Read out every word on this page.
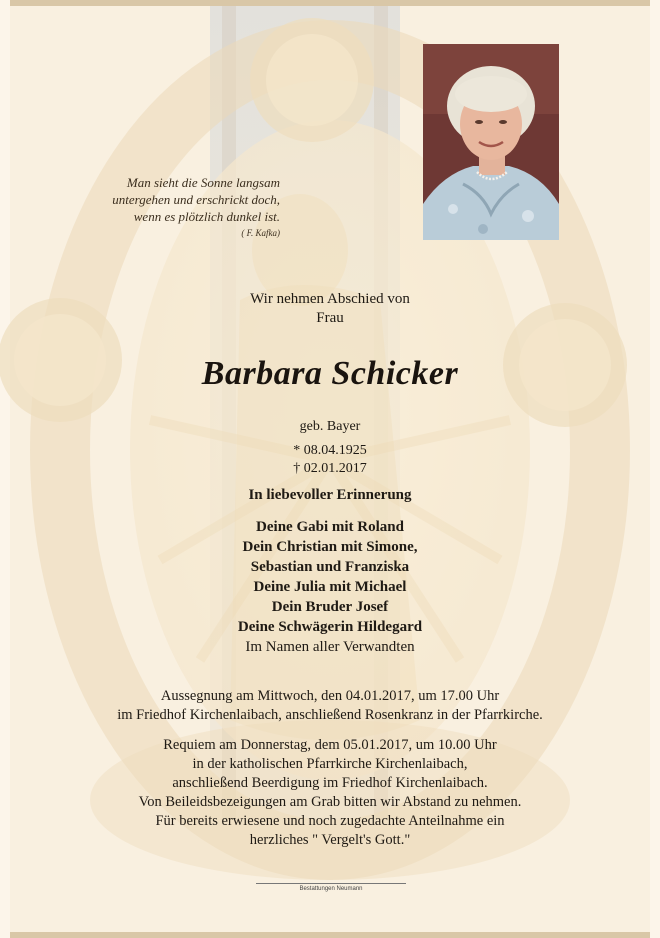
Man sieht die Sonne langsam
untergehen und erschrickt doch,
wenn es plötzlich dunkel ist.
( F. Kafka)
Wir nehmen Abschied von
Frau
Barbara Schicker
geb. Bayer
* 08.04.1925
† 02.01.2017
In liebevoller Erinnerung
Deine Gabi mit Roland
Dein Christian mit Simone,
Sebastian und Franziska
Deine Julia mit Michael
Dein Bruder Josef
Deine Schwägerin Hildegard
Im Namen aller Verwandten
Aussegnung am Mittwoch, den 04.01.2017, um 17.00 Uhr
im Friedhof Kirchenlaibach, anschließend Rosenkranz in der Pfarrkirche.
Requiem am Donnerstag, dem 05.01.2017, um 10.00 Uhr
in der katholischen Pfarrkirche Kirchenlaibach,
anschließend Beerdigung im Friedhof Kirchenlaibach.
Von Beileidsbezeigungen am Grab bitten wir Abstand zu nehmen.
Für bereits erwiesene und noch zugedachte Anteilnahme ein
herzliches " Vergelt's Gott."
Bestattungen Neumann
